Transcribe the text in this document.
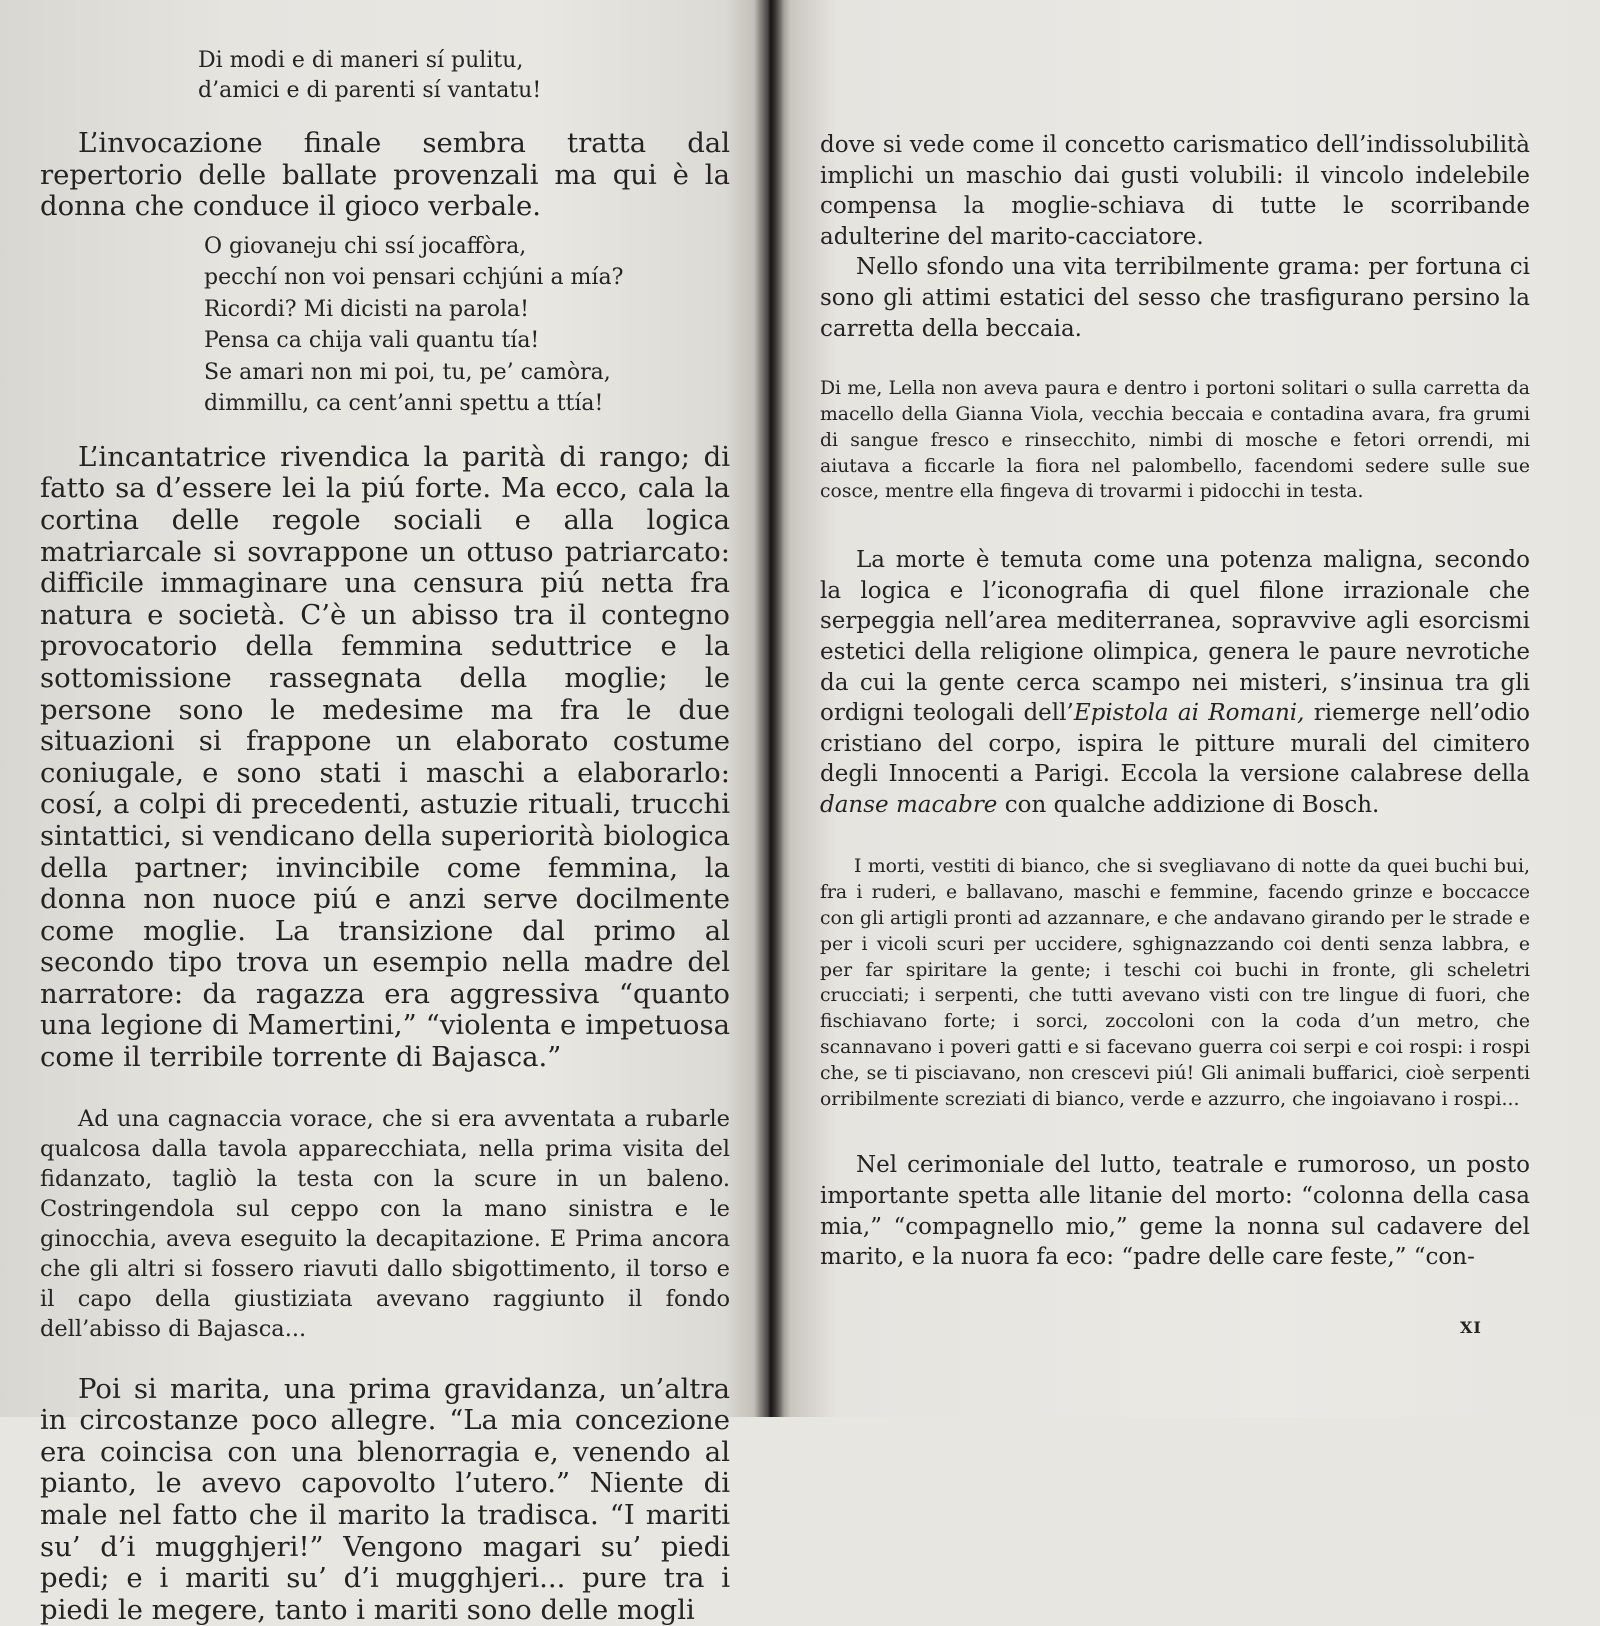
Di modi e di maneri sí pulitu,
d’amici e di parenti sí vantatu!

L’invocazione finale sembra tratta dal repertorio delle ballate provenzali ma qui è la donna che conduce il gioco verbale.

O giovaneju chi ssí jocaffòra,
pecchí non voi pensari cchjúni a mía?
Ricordi? Mi dicisti na parola!
Pensa ca chija vali quantu tía!
Se amari non mi poi, tu, pe’ camòra,
dimmillu, ca cent’anni spettu a ttía!

L’incantatrice rivendica la parità di rango; di fatto sa d’essere lei la piú forte. Ma ecco, cala la cortina delle regole sociali e alla logica matriarcale si sovrappone un ottuso patriarcato: difficile immaginare una censura piú netta fra natura e società. C’è un abisso tra il contegno provocatorio della femmina seduttrice e la sottomissione rassegnata della moglie; le persone sono le medesime ma fra le due situazioni si frappone un elaborato costume coniugale, e sono stati i maschi a elaborarlo: cosí, a colpi di precedenti, astuzie rituali, trucchi sintattici, si vendicano della superiorità biologica della partner; invincibile come femmina, la donna non nuoce piú e anzi serve docilmente come moglie. La transizione dal primo al secondo tipo trova un esempio nella madre del narratore: da ragazza era aggressiva “quanto una legione di Mamertini,” “violenta e impetuosa come il terribile torrente di Bajasca.”

Ad una cagnaccia vorace, che si era avventata a rubarle qualcosa dalla tavola apparecchiata, nella prima visita del fidanzato, tagliò la testa con la scure in un baleno. Costringendola sul ceppo con la mano sinistra e le ginocchia, aveva eseguito la decapitazione. E Prima ancora che gli altri si fossero riavuti dallo sbigottimento, il torso e il capo della giustiziata avevano raggiunto il fondo dell’abisso di Bajasca...

Poi si marita, una prima gravidanza, un’altra in circostanze poco allegre. “La mia concezione era coincisa con una blenorragia e, venendo al pianto, le avevo capovolto l’utero.” Niente di male nel fatto che il marito la tradisca. “I mariti su’ d’i mugghjeri!” Vengono magari su’ piedi pedi; e i mariti su’ d’i mugghjeri... pure tra i piedi le megere, tanto i mariti sono delle mogli

dove si vede come il concetto carismatico dell’indissolubilità implichi un maschio dai gusti volubili: il vincolo indelebile compensa la moglie-schiava di tutte le scorribande adulterine del marito-cacciatore.

Nello sfondo una vita terribilmente grama: per fortuna ci sono gli attimi estatici del sesso che trasfigurano persino la carretta della beccaia.

Di me, Lella non aveva paura e dentro i portoni solitari o sulla carretta da macello della Gianna Viola, vecchia beccaia e contadina avara, fra grumi di sangue fresco e rinsecchito, nimbi di mosche e fetori orrendi, mi aiutava a ficcarle la fiora nel palombello, facendomi sedere sulle sue cosce, mentre ella fingeva di trovarmi i pidocchi in testa.

La morte è temuta come una potenza maligna, secondo la logica e l’iconografia di quel filone irrazionale che serpeggia nell’area mediterranea, sopravvive agli esorcismi estetici della religione olimpica, genera le paure nevrotiche da cui la gente cerca scampo nei misteri, s’insinua tra gli ordigni teologali dell’Epistola ai Romani, riemerge nell’odio cristiano del corpo, ispira le pitture murali del cimitero degli Innocenti a Parigi. Eccola la versione calabrese della danse macabre con qualche addizione di Bosch.

I morti, vestiti di bianco, che si svegliavano di notte da quei buchi bui, fra i ruderi, e ballavano, maschi e femmine, facendo grinze e boccacce con gli artigli pronti ad azzannare, e che andavano girando per le strade e per i vicoli scuri per uccidere, sghignazzando coi denti senza labbra, e per far spiritare la gente; i teschi coi buchi in fronte, gli scheletri crucciati; i serpenti, che tutti avevano visti con tre lingue di fuori, che fischiavano forte; i sorci, zoccoloni con la coda d’un metro, che scannavano i poveri gatti e si facevano guerra coi serpi e coi rospi: i rospi che, se ti pisciavano, non crescevi piú! Gli animali buffarici, cioè serpenti orribilmente screziati di bianco, verde e azzurro, che ingoiavano i rospi...

Nel cerimoniale del lutto, teatrale e rumoroso, un posto importante spetta alle litanie del morto: “colonna della casa mia,” “compagnello mio,” geme la nonna sul cadavere del marito, e la nuora fa eco: “padre delle care feste,” “con-

XI
